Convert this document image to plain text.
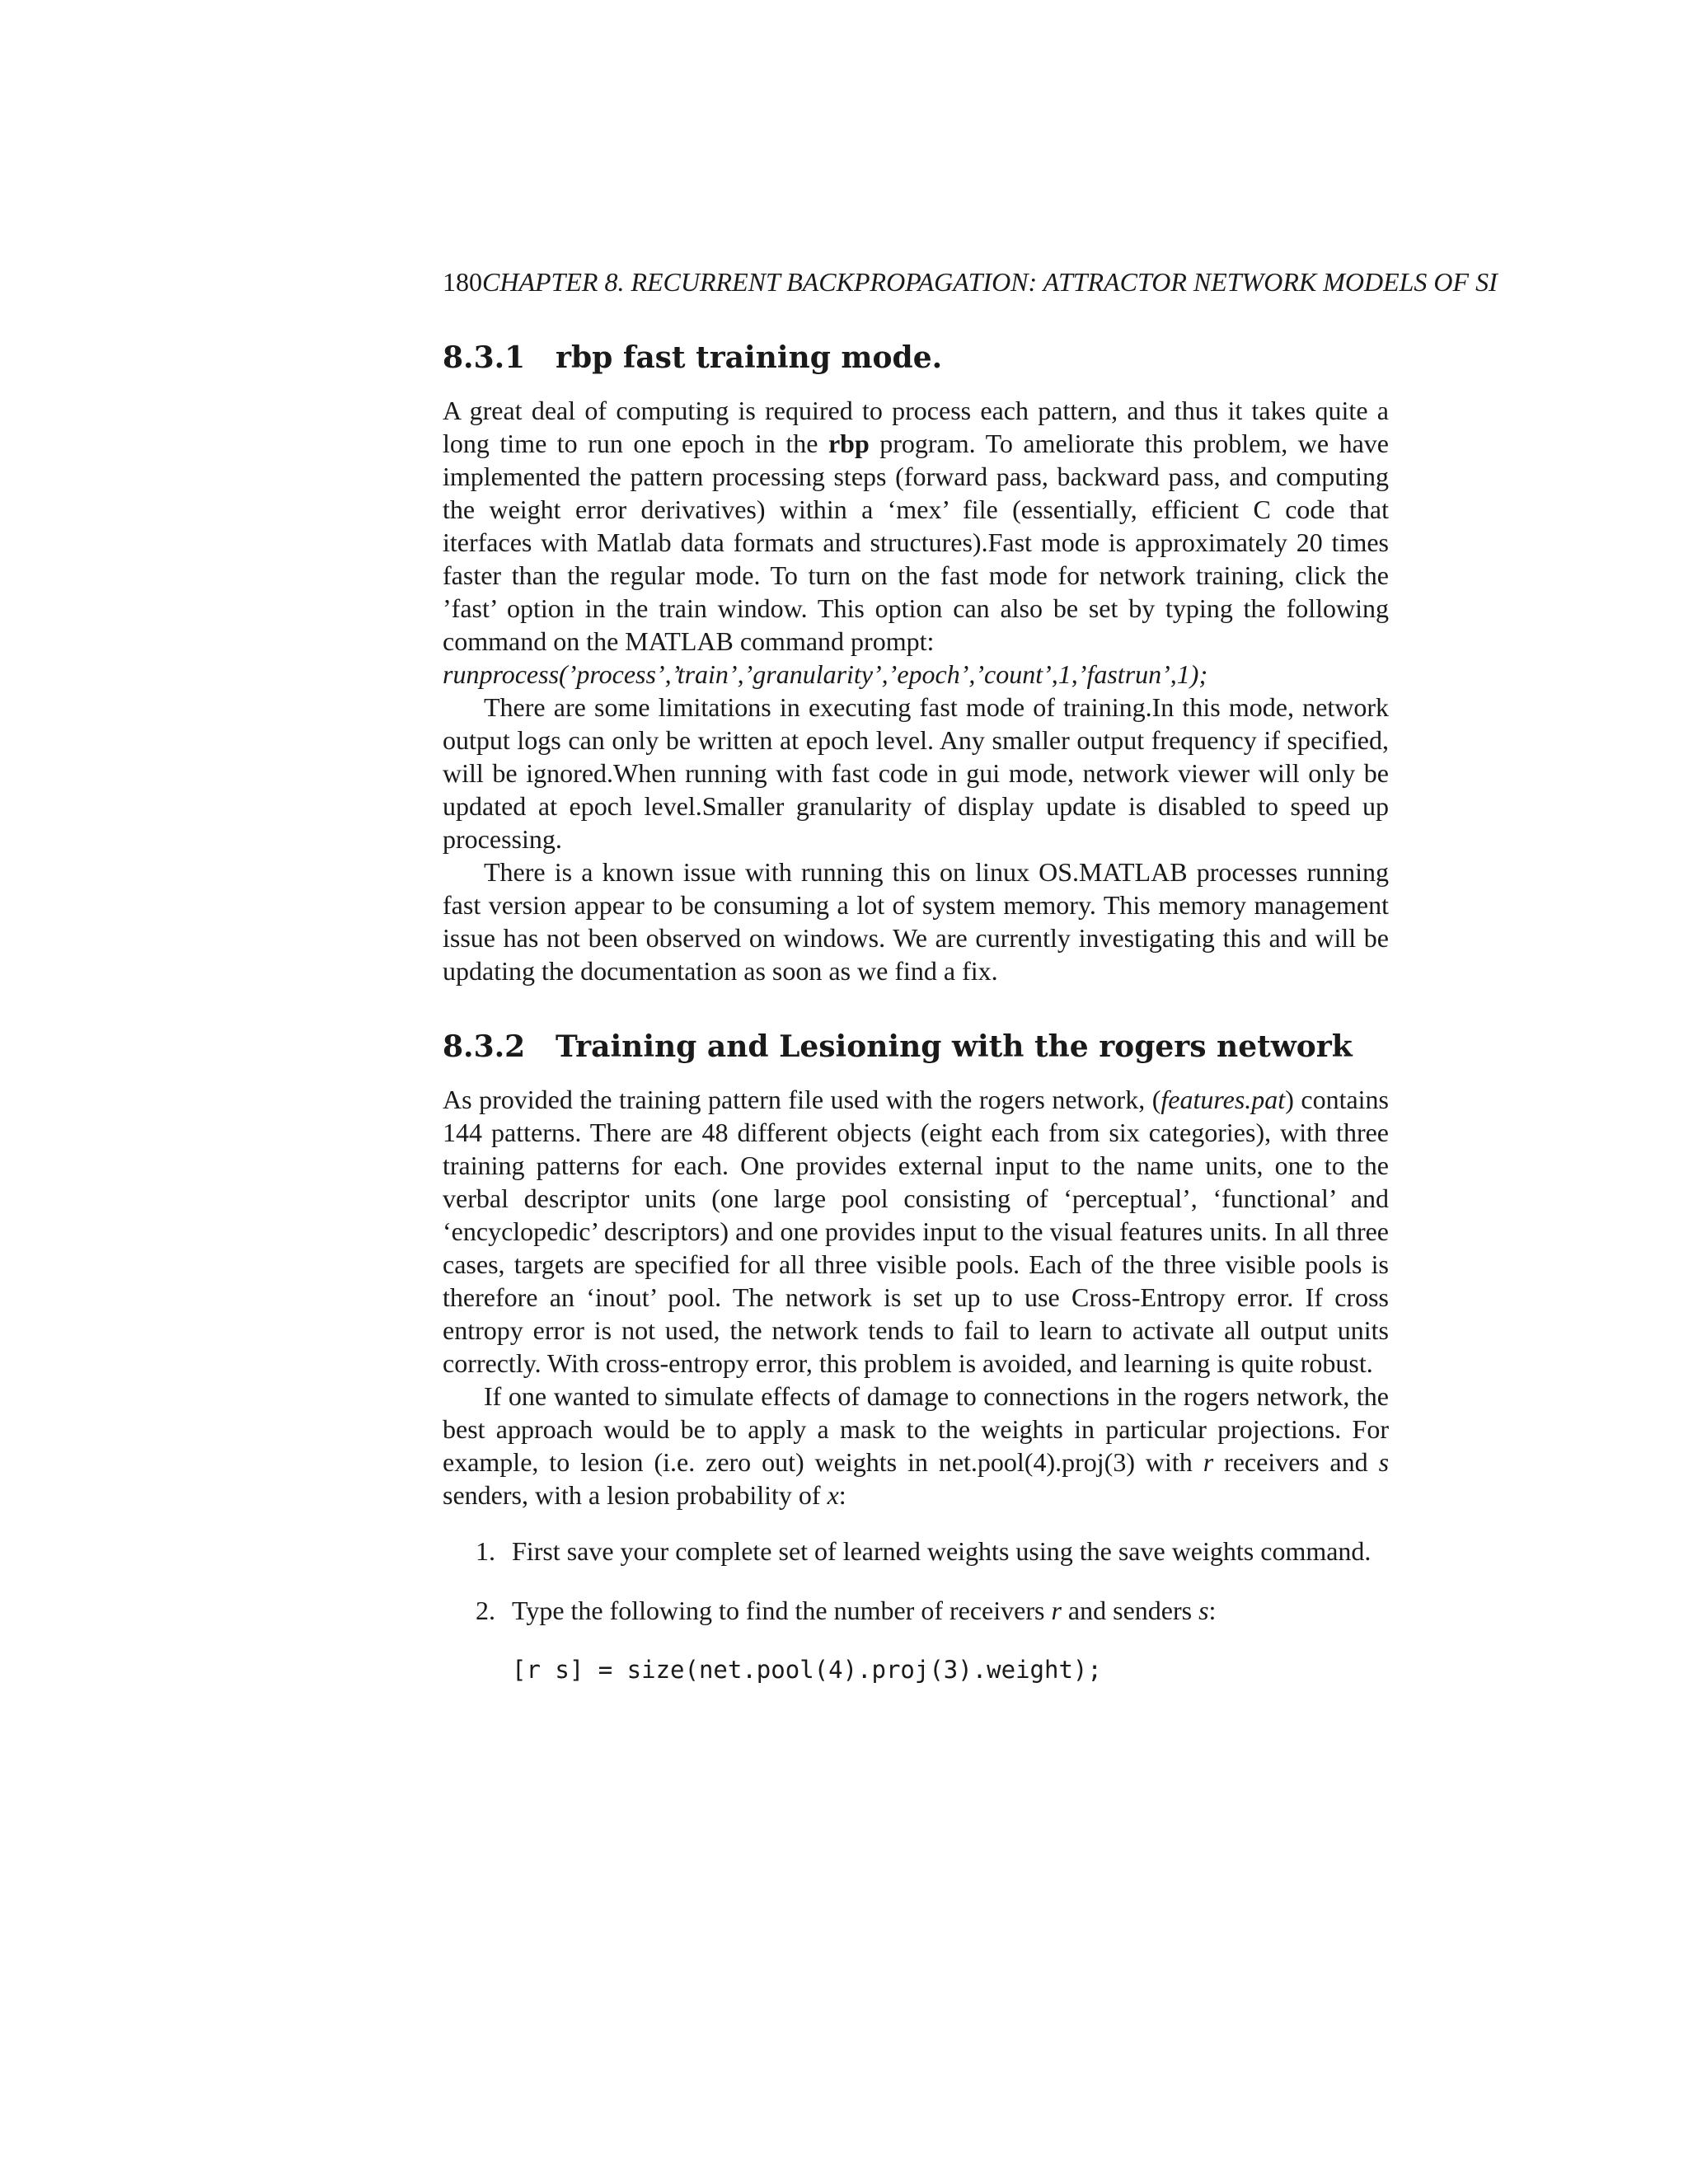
180CHAPTER 8. RECURRENT BACKPROPAGATION: ATTRACTOR NETWORK MODELS OF SI
8.3.1 rbp fast training mode.

A great deal of computing is required to process each pattern, and thus it takes quite a long time to run one epoch in the rbp program. To ameliorate this problem, we have implemented the pattern processing steps (forward pass, backward pass, and computing the weight error derivatives) within a ‘mex’ file (essentially, efficient C code that iterfaces with Matlab data formats and structures).Fast mode is approximately 20 times faster than the regular mode. To turn on the fast mode for network training, click the ’fast’ option in the train window. This option can also be set by typing the following command on the MATLAB command prompt:

runprocess(’process’,’train’,’granularity’,’epoch’,’count’,1,’fastrun’,1);

There are some limitations in executing fast mode of training.In this mode, network output logs can only be written at epoch level. Any smaller output frequency if specified, will be ignored.When running with fast code in gui mode, network viewer will only be updated at epoch level.Smaller granularity of display update is disabled to speed up processing.

There is a known issue with running this on linux OS.MATLAB processes running fast version appear to be consuming a lot of system memory. This memory management issue has not been observed on windows. We are currently investigating this and will be updating the documentation as soon as we find a fix.

8.3.2 Training and Lesioning with the rogers network

As provided the training pattern file used with the rogers network, (features.pat) contains 144 patterns. There are 48 different objects (eight each from six categories), with three training patterns for each. One provides external input to the name units, one to the verbal descriptor units (one large pool consisting of ‘perceptual’, ‘functional’ and ‘encyclopedic’ descriptors) and one provides input to the visual features units. In all three cases, targets are specified for all three visible pools. Each of the three visible pools is therefore an ‘inout’ pool. The network is set up to use Cross-Entropy error. If cross entropy error is not used, the network tends to fail to learn to activate all output units correctly. With cross-entropy error, this problem is avoided, and learning is quite robust.

If one wanted to simulate effects of damage to connections in the rogers network, the best approach would be to apply a mask to the weights in particular projections. For example, to lesion (i.e. zero out) weights in net.pool(4).proj(3) with r receivers and s senders, with a lesion probability of x:

1. First save your complete set of learned weights using the save weights command.
2. Type the following to find the number of receivers r and senders s:
[r s] = size(net.pool(4).proj(3).weight);
